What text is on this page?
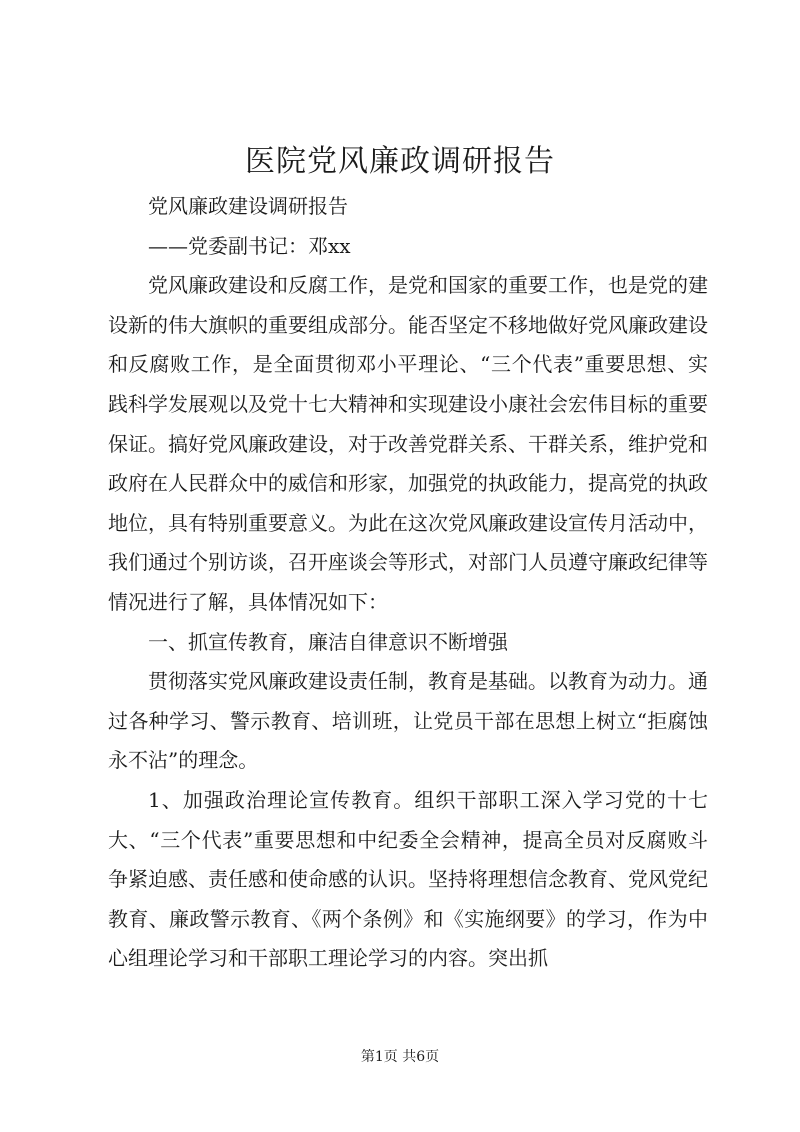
医院党风廉政调研报告

党风廉政建设调研报告

——党委副书记：邓xx

党风廉政建设和反腐工作，是党和国家的重要工作，也是党的建设新的伟大旗帜的重要组成部分。能否坚定不移地做好党风廉政建设和反腐败工作，是全面贯彻邓小平理论、“三个代表”重要思想、实践科学发展观以及党十七大精神和实现建设小康社会宏伟目标的重要保证。搞好党风廉政建设，对于改善党群关系、干群关系，维护党和政府在人民群众中的威信和形家，加强党的执政能力，提高党的执政地位，具有特别重要意义。为此在这次党风廉政建设宣传月活动中，我们通过个别访谈，召开座谈会等形式，对部门人员遵守廉政纪律等情况进行了解，具体情况如下：

一、抓宣传教育，廉洁自律意识不断增强

贯彻落实党风廉政建设责任制，教育是基础。以教育为动力。通过各种学习、警示教育、培训班，让党员干部在思想上树立“拒腐蚀永不沾”的理念。

1、加强政治理论宣传教育。组织干部职工深入学习党的十七大、“三个代表”重要思想和中纪委全会精神，提高全员对反腐败斗争紧迫感、责任感和使命感的认识。坚持将理想信念教育、党风党纪教育、廉政警示教育、《两个条例》和《实施纲要》的学习，作为中心组理论学习和干部职工理论学习的内容。突出抓

第1页 共6页
